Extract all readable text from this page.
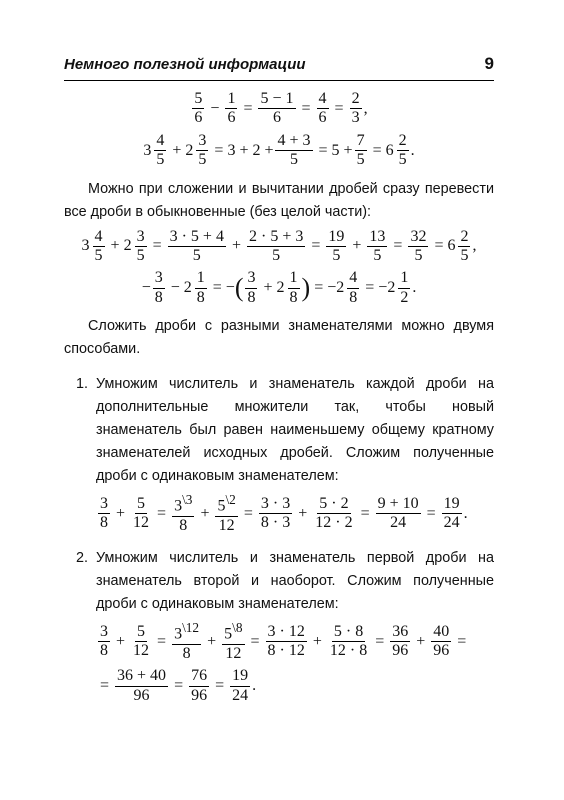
Немного полезной информации	9
$\frac{5}{6} - \frac{1}{6} = \frac{5 - 1}{6} = \frac{4}{6} = \frac{2}{3}$ ,
$3 \frac{4}{5} + 2 \frac{3}{5} = 3 + 2 + \frac{4 + 3}{5} = 5 + \frac{7}{5} = 6 \frac{2}{5}$ .

Можно при сложении и вычитании дробей сразу перевести все дроби в обыкновенные (без целой части):

$3 \frac{4}{5} + 2 \frac{3}{5} = \frac{3 \cdot 5 + 4}{5} + \frac{2 \cdot 5 + 3}{5} = \frac{19}{5} + \frac{13}{5} = \frac{32}{5} = 6 \frac{2}{5}$ ,
− $\frac{3}{8} - 2 \frac{1}{8}$ = − ( $\frac{3}{8} + 2 \frac{1}{8}$ ) = − $2 \frac{4}{8}$ = − $2 \frac{1}{2}$ .

Сложить дроби с разными знаменателями можно двумя способами.

1. Умножим числитель и знаменатель каждой дроби на дополнительные множители так, чтобы новый знаменатель был равен наименьшему общему кратному знаменателей исходных дробей. Сложим полученные дроби с одинаковым знаменателем:

$\frac{3}{8} + \frac{5}{12} = \frac{3^{\backslash 3}}{8} + \frac{5^{\backslash 2}}{12} = \frac{3 \cdot 3}{8 \cdot 3} + \frac{5 \cdot 2}{12 \cdot 2} = \frac{9 + 10}{24} = \frac{19}{24}$ .
2. Умножим числитель и знаменатель первой дроби на знаменатель второй и наоборот. Сложим полученные дроби с одинаковым знаменателем:

$\frac{3}{8} + \frac{5}{12} = \frac{3^{\backslash 12}}{8} + \frac{5^{\backslash 8}}{12} = \frac{3 \cdot 12}{8 \cdot 12} + \frac{5 \cdot 8}{12 \cdot 8} = \frac{36}{96} + \frac{40}{96}$ =
= $\frac{36 + 40}{96} = \frac{76}{96} = \frac{19}{24}$ .
